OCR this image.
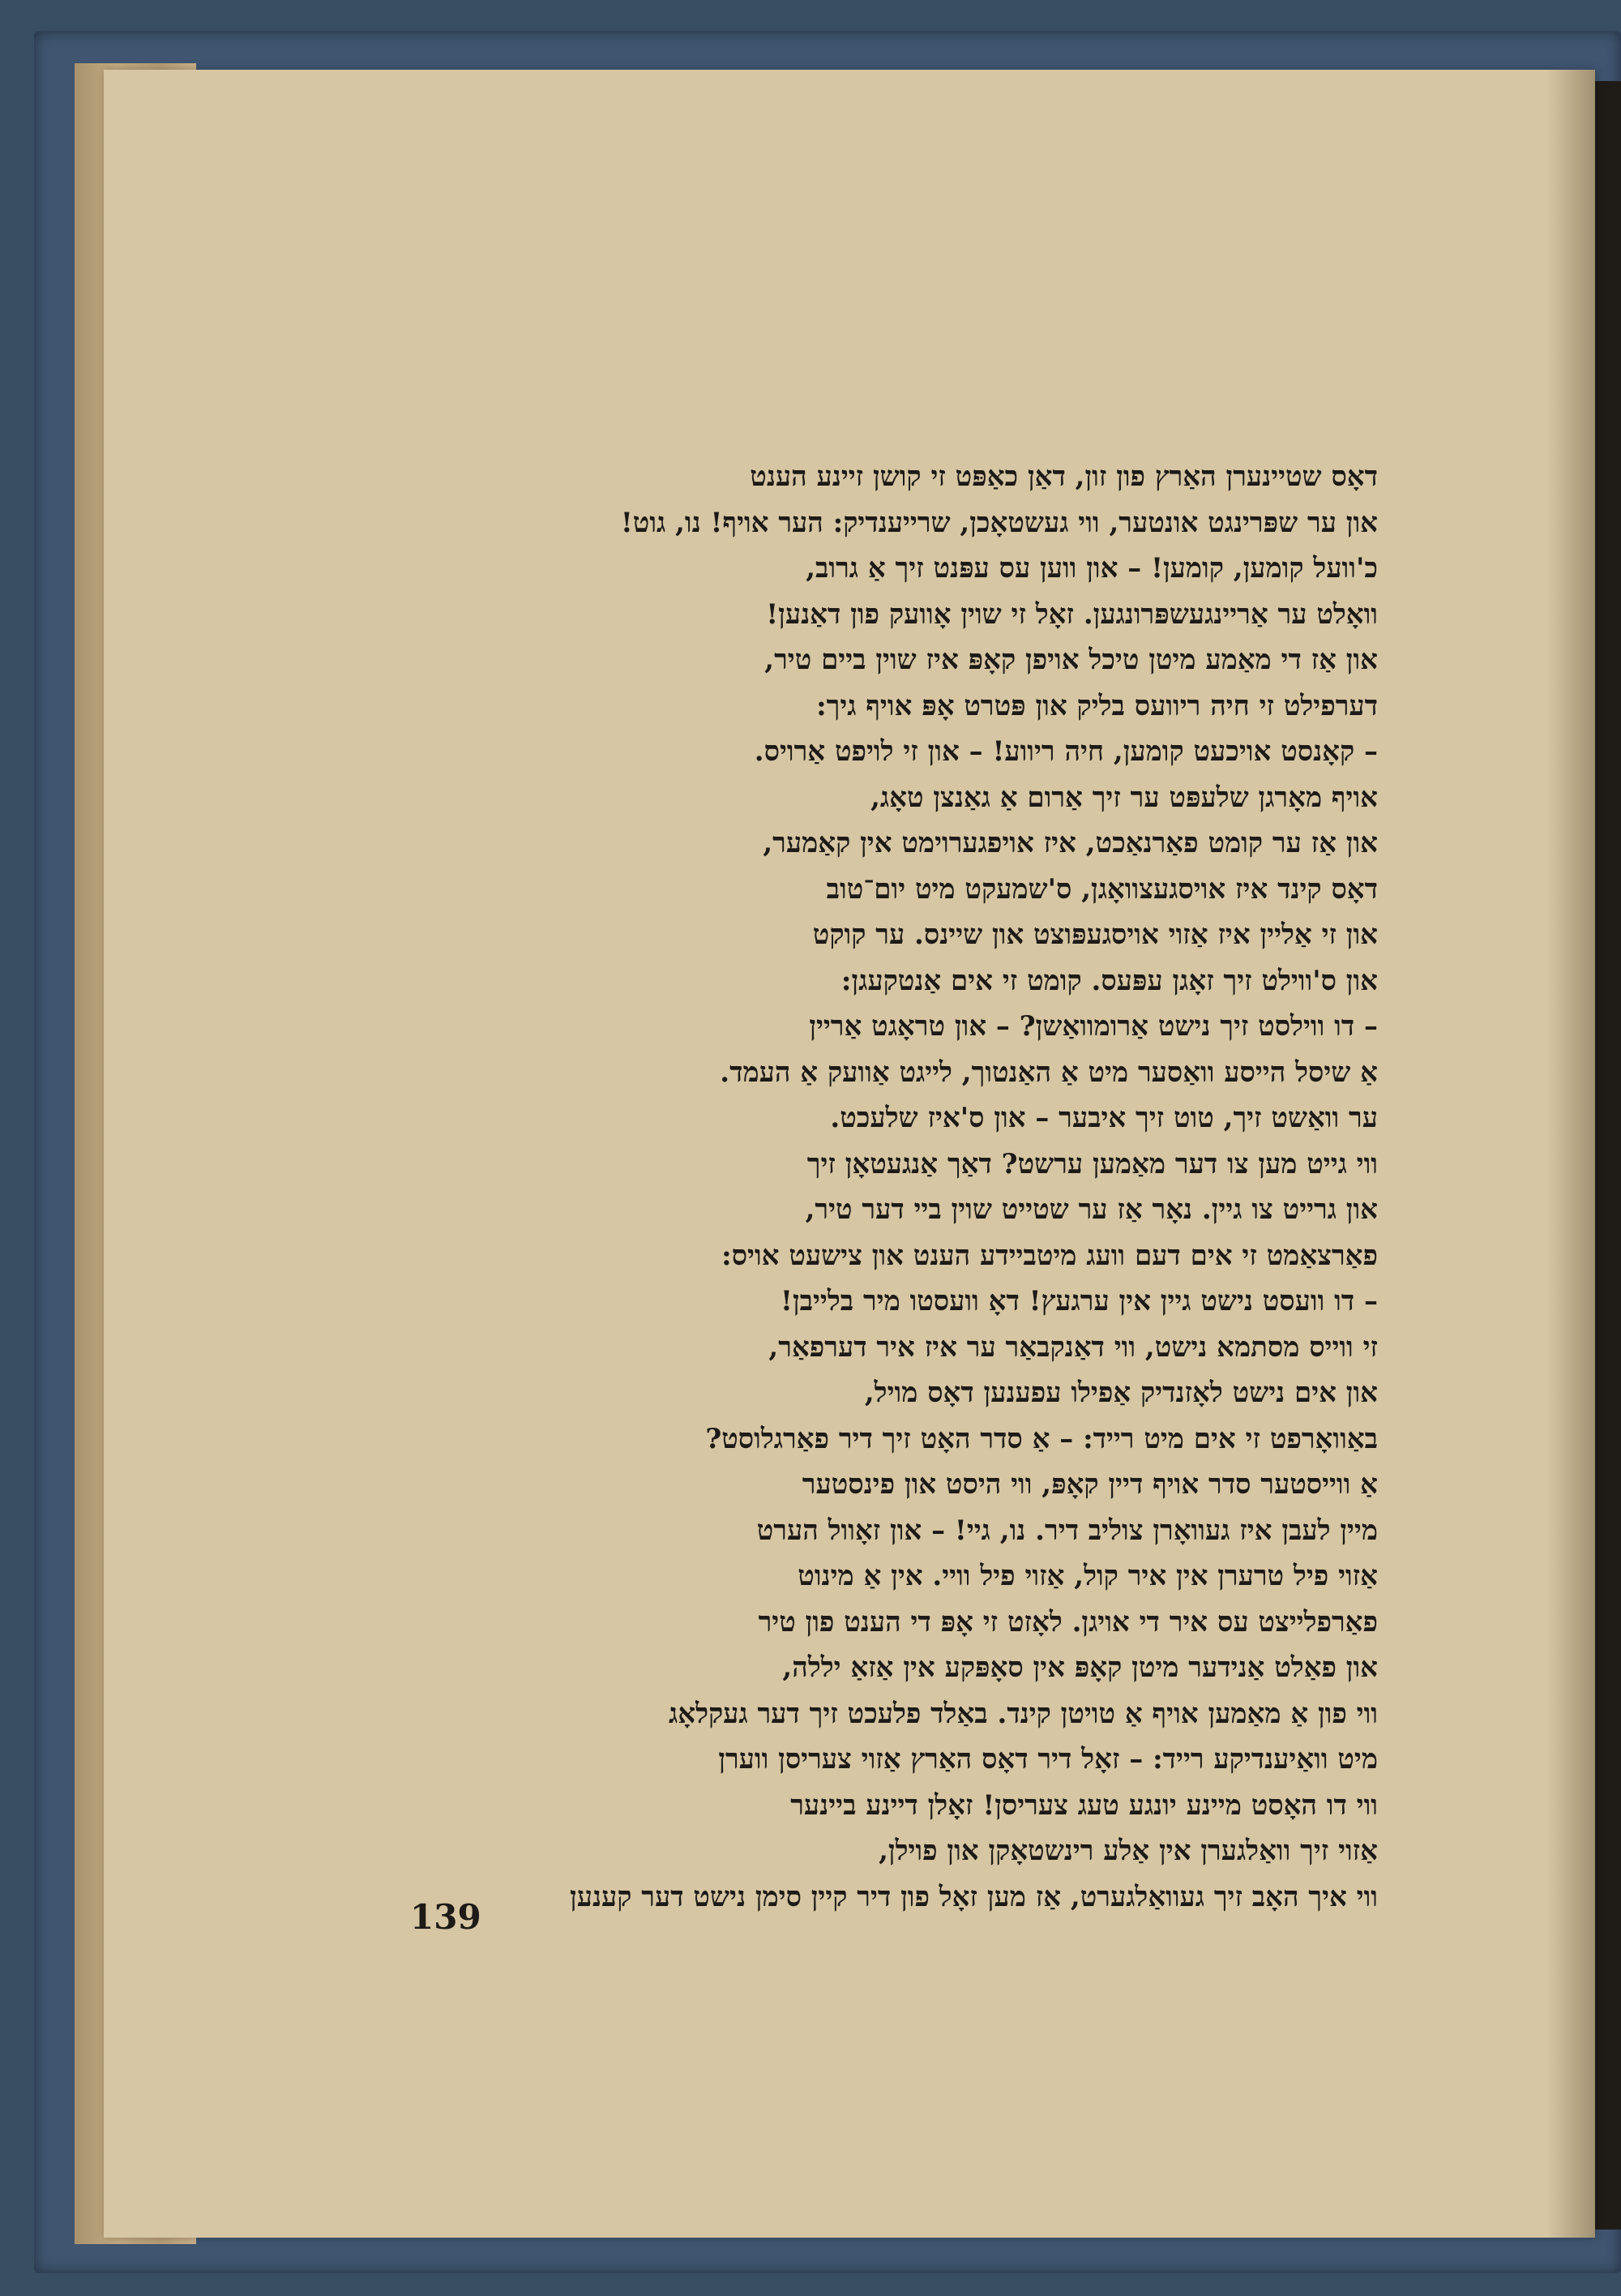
דאָס שטיינערן האַרץ פון זון, דאַן כאַפּט זי קושן זיינע הענט
און ער שפּרינגט אונטער, ווי געשטאָכן, שרייענדיק: הער אויף! נו, גוט!
כ'וועל קומען, קומען! – און ווען עס עפּנט זיך אַ גרוב,
וואָלט ער אַריינגעשפּרונגען. זאָל זי שוין אָוועק פון דאַנען!
און אַז די מאַמע מיטן טיכל אויפן קאָפּ איז שוין ביים טיר,
דערפילט זי חיה ריוועס בליק און פּטרט אָפּ אויף גיך:
– קאָנסט אויכעט קומען, חיה ריווע! – און זי לויפט אַרויס.
אויף מאָרגן שלעפּט ער זיך אַרום אַ גאַנצן טאָג,
און אַז ער קומט פאַרנאַכט, איז אויפגערוימט אין קאַמער,
דאָס קינד איז אויסגעצוואָגן, ס'שמעקט מיט יום־טוב
און זי אַליין איז אַזוי אויסגעפּוצט און שיינס. ער קוקט
און ס'ווילט זיך זאָגן עפּעס. קומט זי אים אַנטקעגן:
– דו ווילסט זיך נישט אַרומוואַשן? – און טראָגט אַריין
אַ שיסל הייסע וואַסער מיט אַ האַנטוך, לייגט אַוועק אַ העמד.
ער וואַשט זיך, טוט זיך איבער – און ס'איז שלעכט.
ווי גייט מען צו דער מאַמען ערשט? דאַך אַנגעטאָן זיך
און גרייט צו גיין. נאָר אַז ער שטייט שוין ביי דער טיר,
פאַרצאַמט זי אים דעם וועג מיטביידע הענט און צישעט אויס:
– דו וועסט נישט גיין אין ערגעץ! דאָ וועסטו מיר בלייבן!
זי ווייס מסתמא נישט, ווי דאַנקבאַר ער איז איר דערפאַר,
און אים נישט לאָזנדיק אַפילו עפענען דאָס מויל,
באַוואָרפט זי אים מיט רייד: – אַ סדר האָט זיך דיר פאַרגלוסט?
אַ ווייסטער סדר אויף דיין קאָפּ, ווי היסט און פינסטער
מיין לעבן איז געוואָרן צוליב דיר. נו, גיי! – און זאָוול הערט
אַזוי פיל טרערן אין איר קול, אַזוי פיל וויי. אין אַ מינוט
פאַרפלייצט עס איר די אויגן. לאָזט זי אָפּ די הענט פון טיר
און פאַלט אַנידער מיטן קאָפּ אין סאָפּקע אין אַזאַ יללה,
ווי פון אַ מאַמען אויף אַ טויטן קינד. באַלד פלעכט זיך דער געקלאָג
מיט וואַיענדיקע רייד: – זאָל דיר דאָס האַרץ אַזוי צעריסן ווערן
ווי דו האָסט מיינע יונגע טעג צעריסן! זאָלן דיינע ביינער
אַזוי זיך וואַלגערן אין אַלע רינשטאָקן און פוילן,
ווי איך האָב זיך געוואַלגערט, אַז מען זאָל פון דיר קיין סימן נישט דער קענען
139
